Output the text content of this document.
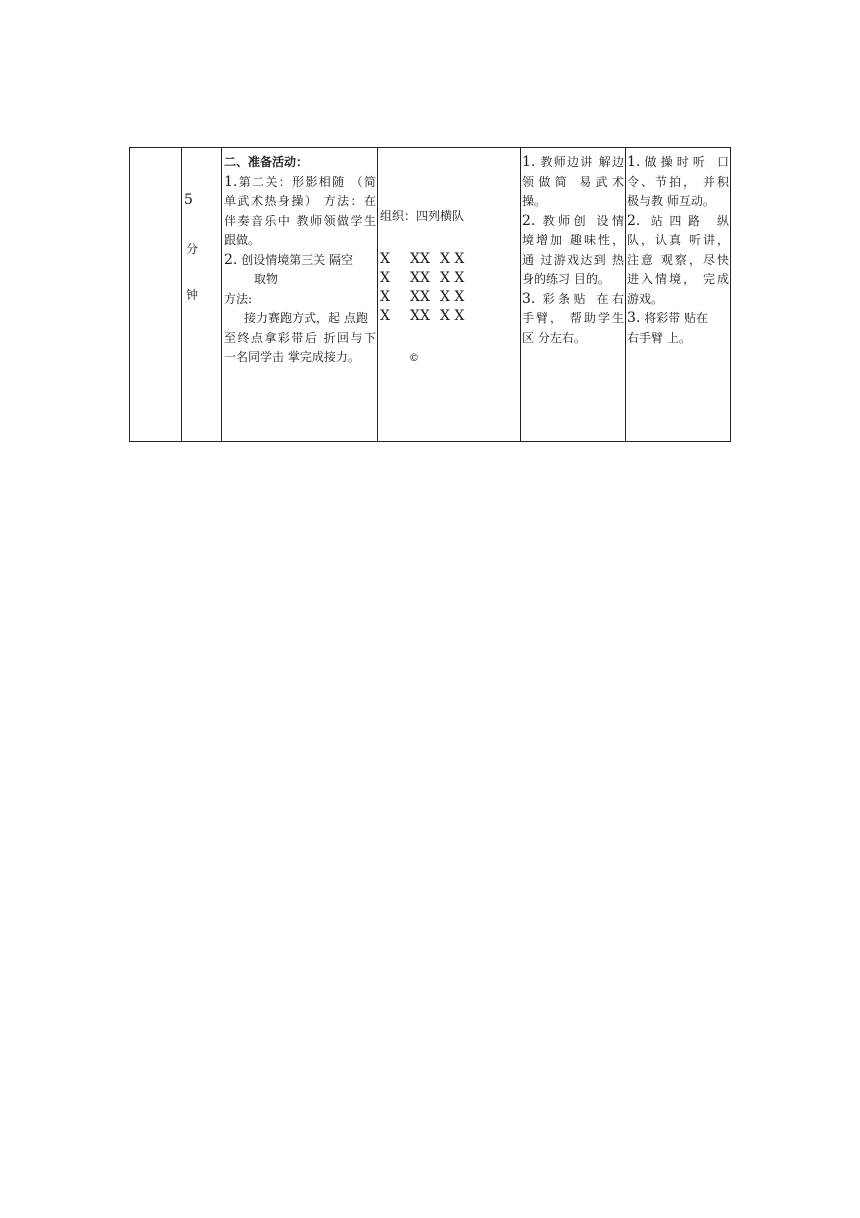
5
分
钟

二、准备活动：

1.第二关：形影相随 （简

单武术热身操） 方法：在

伴奏音乐中 教师领做学生

跟做。

2. 创设情境第三关 隔空

取物

方法:

接力赛跑方式，起 点跑

至终点拿彩带后 折回与下

一名同学击 掌完成接力。

组织：四列横队
X XX X X
X XX X X
X XX X X
X XX X X
©

1. 教师边讲 解边

领做简 易武术

操。

2. 教师创 设情

境增加 趣味性，

通 过游戏达到 热

身的练习 目的。

3. 彩条贴 在右

手臂， 帮助学生

区 分左右。

1.做操时听 口

令、节拍， 并积

极与教 师互动。

2. 站四路 纵

队，认真 听讲，

注意 观察，尽快

进入情境， 完成

游戏。

3. 将彩带 贴在

右手臂 上。
